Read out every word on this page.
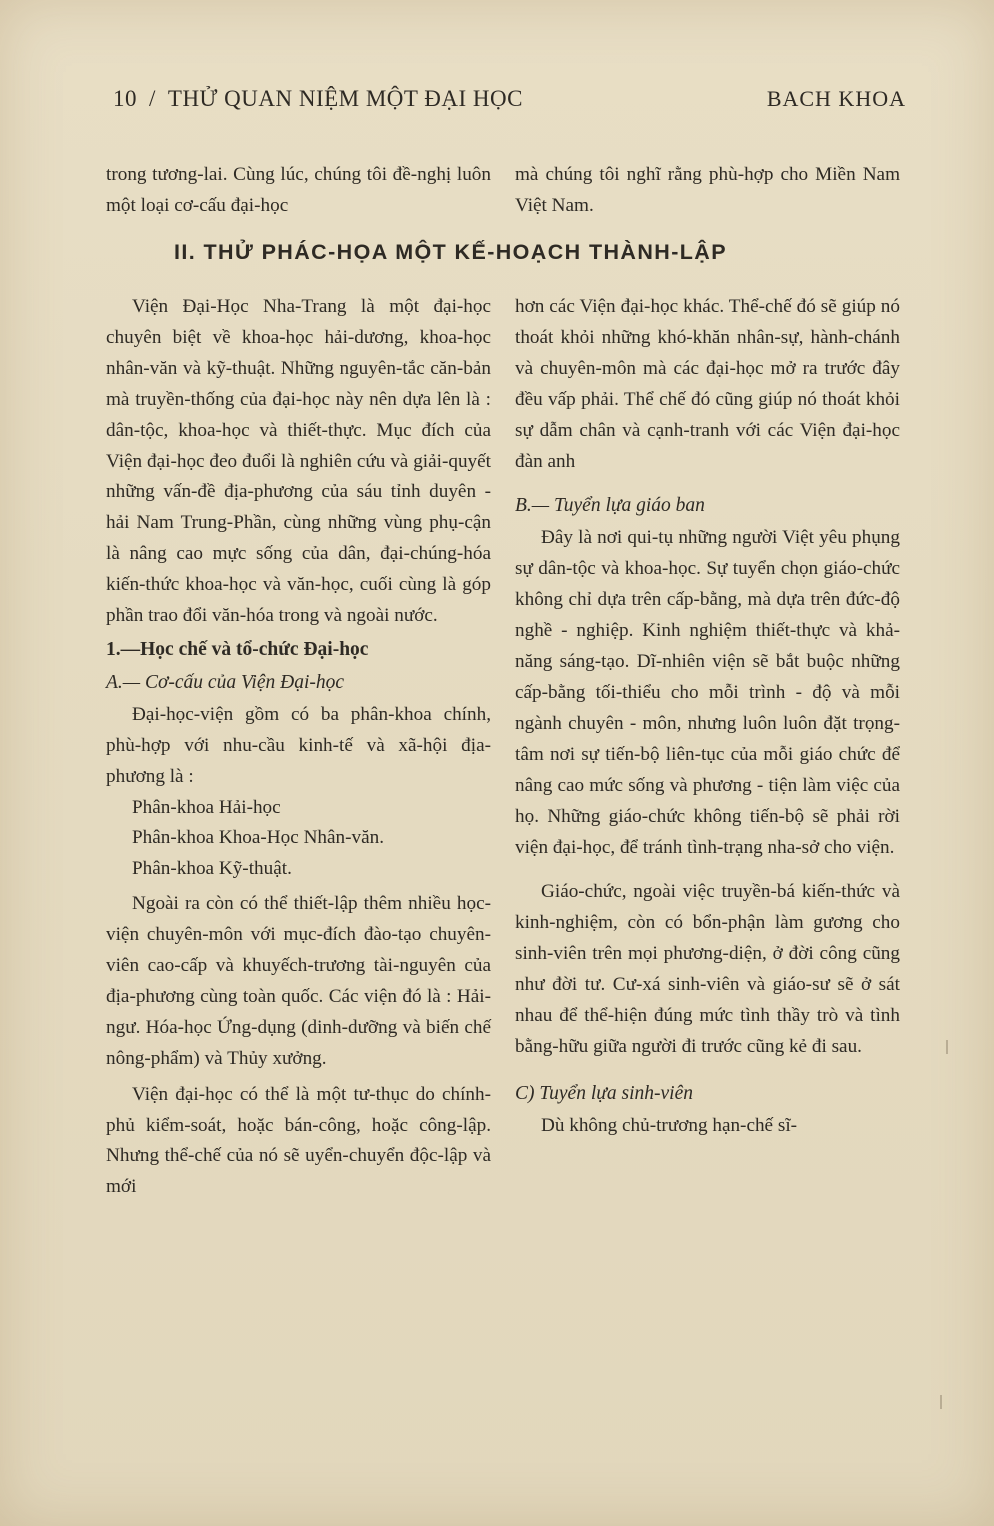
10 / THỬ QUAN NIỆM MỘT ĐẠI HỌC	BACH KHOA

trong tương-lai. Cùng lúc, chúng tôi đề-nghị luôn một loại cơ-cấu đại-học

mà chúng tôi nghĩ rằng phù-hợp cho Miền Nam Việt Nam.

II. THỬ PHÁC-HỌA MỘT KẾ-HOẠCH THÀNH-LẬP

Viện Đại-Học Nha-Trang là một đại-học chuyên biệt về khoa-học hải-dương, khoa-học nhân-văn và kỹ-thuật. Những nguyên-tắc căn-bản mà truyền-thống của đại-học này nên dựa lên là : dân-tộc, khoa-học và thiết-thực. Mục đích của Viện đại-học đeo đuổi là nghiên cứu và giải-quyết những vấn-đề địa-phương của sáu tỉnh duyên - hải Nam Trung-Phần, cùng những vùng phụ-cận là nâng cao mực sống của dân, đại-chúng-hóa kiến-thức khoa-học và văn-học, cuối cùng là góp phần trao đổi văn-hóa trong và ngoài nước.

1.—Học chế và tổ-chức Đại-học
A.— Cơ-cấu của Viện Đại-học

Đại-học-viện gồm có ba phân-khoa chính, phù-hợp với nhu-cầu kinh-tế và xã-hội địa-phương là :

Phân-khoa Hải-học

Phân-khoa Khoa-Học Nhân-văn.

Phân-khoa Kỹ-thuật.

Ngoài ra còn có thể thiết-lập thêm nhiều học-viện chuyên-môn với mục-đích đào-tạo chuyên-viên cao-cấp và khuyếch-trương tài-nguyên của địa-phương cùng toàn quốc. Các viện đó là : Hải-ngư. Hóa-học Ứng-dụng (dinh-dưỡng và biến chế nông-phẩm) và Thủy xưởng.

Viện đại-học có thể là một tư-thục do chính-phủ kiểm-soát, hoặc bán-công, hoặc công-lập. Nhưng thể-chế của nó sẽ uyển-chuyển độc-lập và mới

hơn các Viện đại-học khác. Thể-chế đó sẽ giúp nó thoát khỏi những khó-khăn nhân-sự, hành-chánh và chuyên-môn mà các đại-học mở ra trước đây đều vấp phải. Thể chế đó cũng giúp nó thoát khỏi sự dẫm chân và cạnh-tranh với các Viện đại-học đàn anh

B.— Tuyển lựa giáo ban

Đây là nơi qui-tụ những người Việt yêu phụng sự dân-tộc và khoa-học. Sự tuyển chọn giáo-chức không chỉ dựa trên cấp-bằng, mà dựa trên đức-độ nghề - nghiệp. Kinh nghiệm thiết-thực và khả-năng sáng-tạo. Dĩ-nhiên viện sẽ bắt buộc những cấp-bằng tối-thiểu cho mỗi trình - độ và mỗi ngành chuyên - môn, nhưng luôn luôn đặt trọng-tâm nơi sự tiến-bộ liên-tục của mỗi giáo chức để nâng cao mức sống và phương - tiện làm việc của họ. Những giáo-chức không tiến-bộ sẽ phải rời viện đại-học, để tránh tình-trạng nha-sở cho viện.

Giáo-chức, ngoài việc truyền-bá kiến-thức và kinh-nghiệm, còn có bổn-phận làm gương cho sinh-viên trên mọi phương-diện, ở đời công cũng như đời tư. Cư-xá sinh-viên và giáo-sư sẽ ở sát nhau để thể-hiện đúng mức tình thầy trò và tình bằng-hữu giữa người đi trước cũng kẻ đi sau.

C) Tuyển lựa sinh-viên

Dù không chủ-trương hạn-chế sĩ-
